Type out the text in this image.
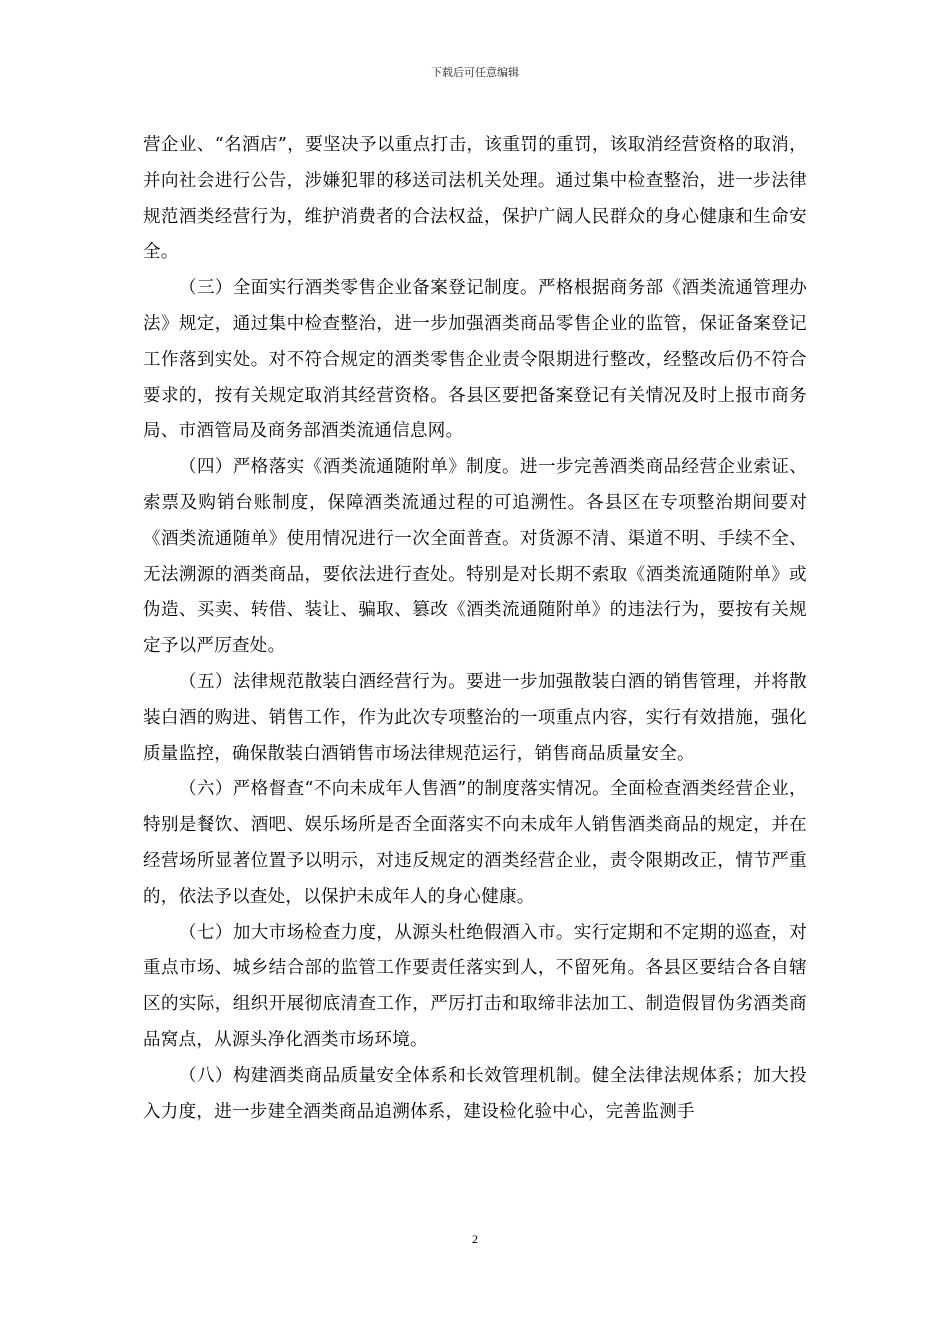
下载后可任意编辑

营企业、“名酒店”，要坚决予以重点打击，该重罚的重罚，该取消经营资格的取消，并向社会进行公告，涉嫌犯罪的移送司法机关处理。通过集中检查整治，进一步法律规范酒类经营行为，维护消费者的合法权益，保护广阔人民群众的身心健康和生命安全。

（三）全面实行酒类零售企业备案登记制度。严格根据商务部《酒类流通管理办法》规定，通过集中检查整治，进一步加强酒类商品零售企业的监管，保证备案登记工作落到实处。对不符合规定的酒类零售企业责令限期进行整改，经整改后仍不符合要求的，按有关规定取消其经营资格。各县区要把备案登记有关情况及时上报市商务局、市酒管局及商务部酒类流通信息网。

（四）严格落实《酒类流通随附单》制度。进一步完善酒类商品经营企业索证、索票及购销台账制度，保障酒类流通过程的可追溯性。各县区在专项整治期间要对《酒类流通随单》使用情况进行一次全面普查。对货源不清、渠道不明、手续不全、无法溯源的酒类商品，要依法进行查处。特别是对长期不索取《酒类流通随附单》或伪造、买卖、转借、装让、骗取、篡改《酒类流通随附单》的违法行为，要按有关规定予以严厉查处。

（五）法律规范散装白酒经营行为。要进一步加强散装白酒的销售管理，并将散装白酒的购进、销售工作，作为此次专项整治的一项重点内容，实行有效措施，强化质量监控，确保散装白酒销售市场法律规范运行，销售商品质量安全。

（六）严格督查“不向未成年人售酒”的制度落实情况。全面检查酒类经营企业，特别是餐饮、酒吧、娱乐场所是否全面落实不向未成年人销售酒类商品的规定，并在经营场所显著位置予以明示，对违反规定的酒类经营企业，责令限期改正，情节严重的，依法予以查处，以保护未成年人的身心健康。

（七）加大市场检查力度，从源头杜绝假酒入市。实行定期和不定期的巡查，对重点市场、城乡结合部的监管工作要责任落实到人，不留死角。各县区要结合各自辖区的实际，组织开展彻底清查工作，严厉打击和取缔非法加工、制造假冒伪劣酒类商品窝点，从源头净化酒类市场环境。

（八）构建酒类商品质量安全体系和长效管理机制。健全法律法规体系；加大投入力度，进一步建全酒类商品追溯体系，建设检化验中心，完善监测手

2
